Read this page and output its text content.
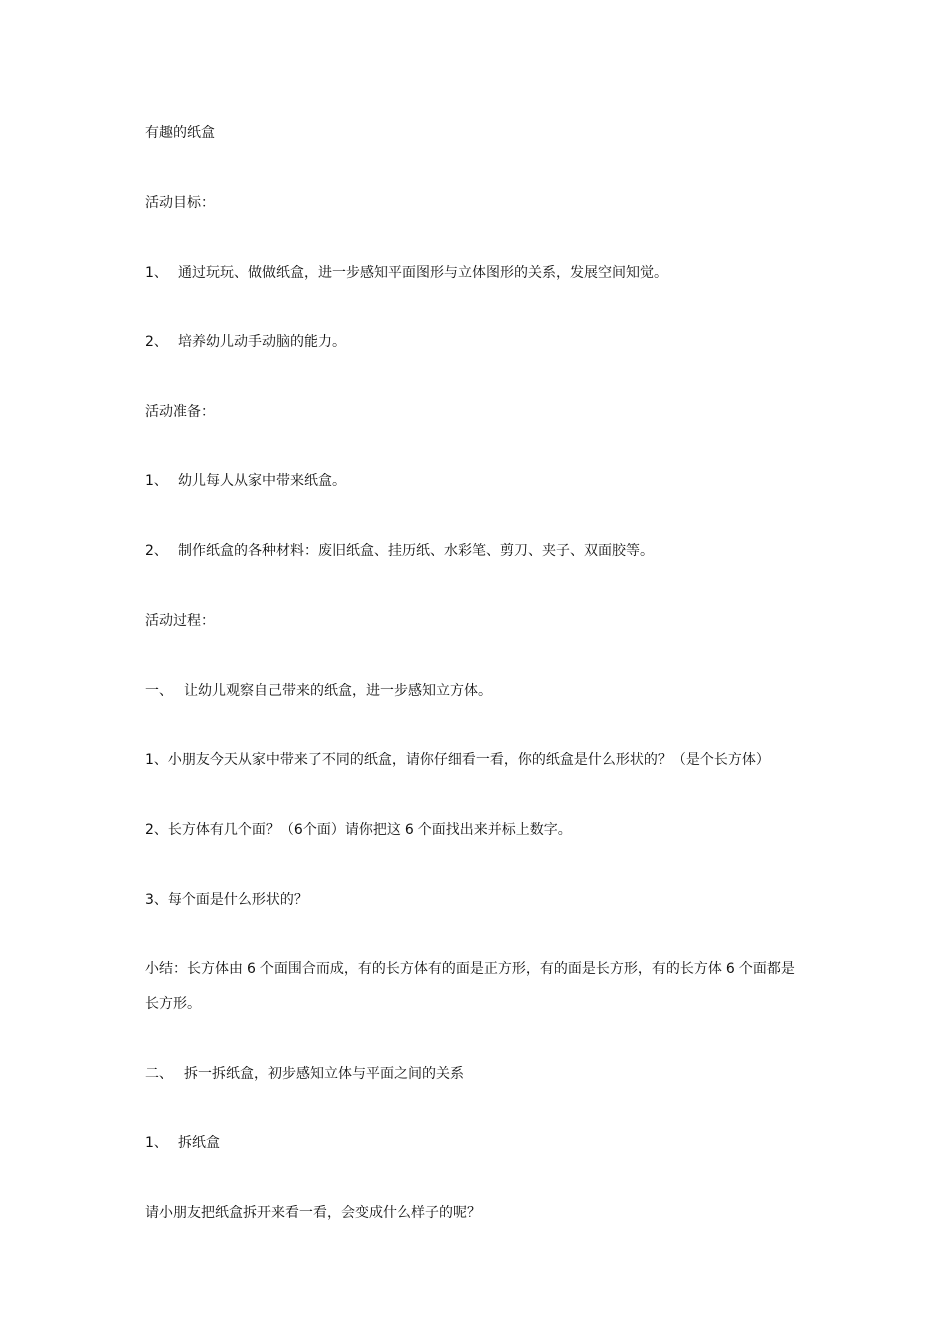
有趣的纸盒
活动目标：
1、 通过玩玩、做做纸盒，进一步感知平面图形与立体图形的关系，发展空间知觉。
2、 培养幼儿动手动脑的能力。
活动准备：
1、 幼儿每人从家中带来纸盒。
2、 制作纸盒的各种材料：废旧纸盒、挂历纸、水彩笔、剪刀、夹子、双面胶等。
活动过程：
一、 让幼儿观察自己带来的纸盒，进一步感知立方体。
1、小朋友今天从家中带来了不同的纸盒，请你仔细看一看，你的纸盒是什么形状的？（是个长方体）
2、长方体有几个面？（6个面）请你把这 6 个面找出来并标上数字。
3、每个面是什么形状的？
小结：长方体由 6 个面围合而成，有的长方体有的面是正方形，有的面是长方形，有的长方体 6 个面都是
长方形。
二、 拆一拆纸盒，初步感知立体与平面之间的关系
1、 拆纸盒
请小朋友把纸盒拆开来看一看，会变成什么样子的呢？
